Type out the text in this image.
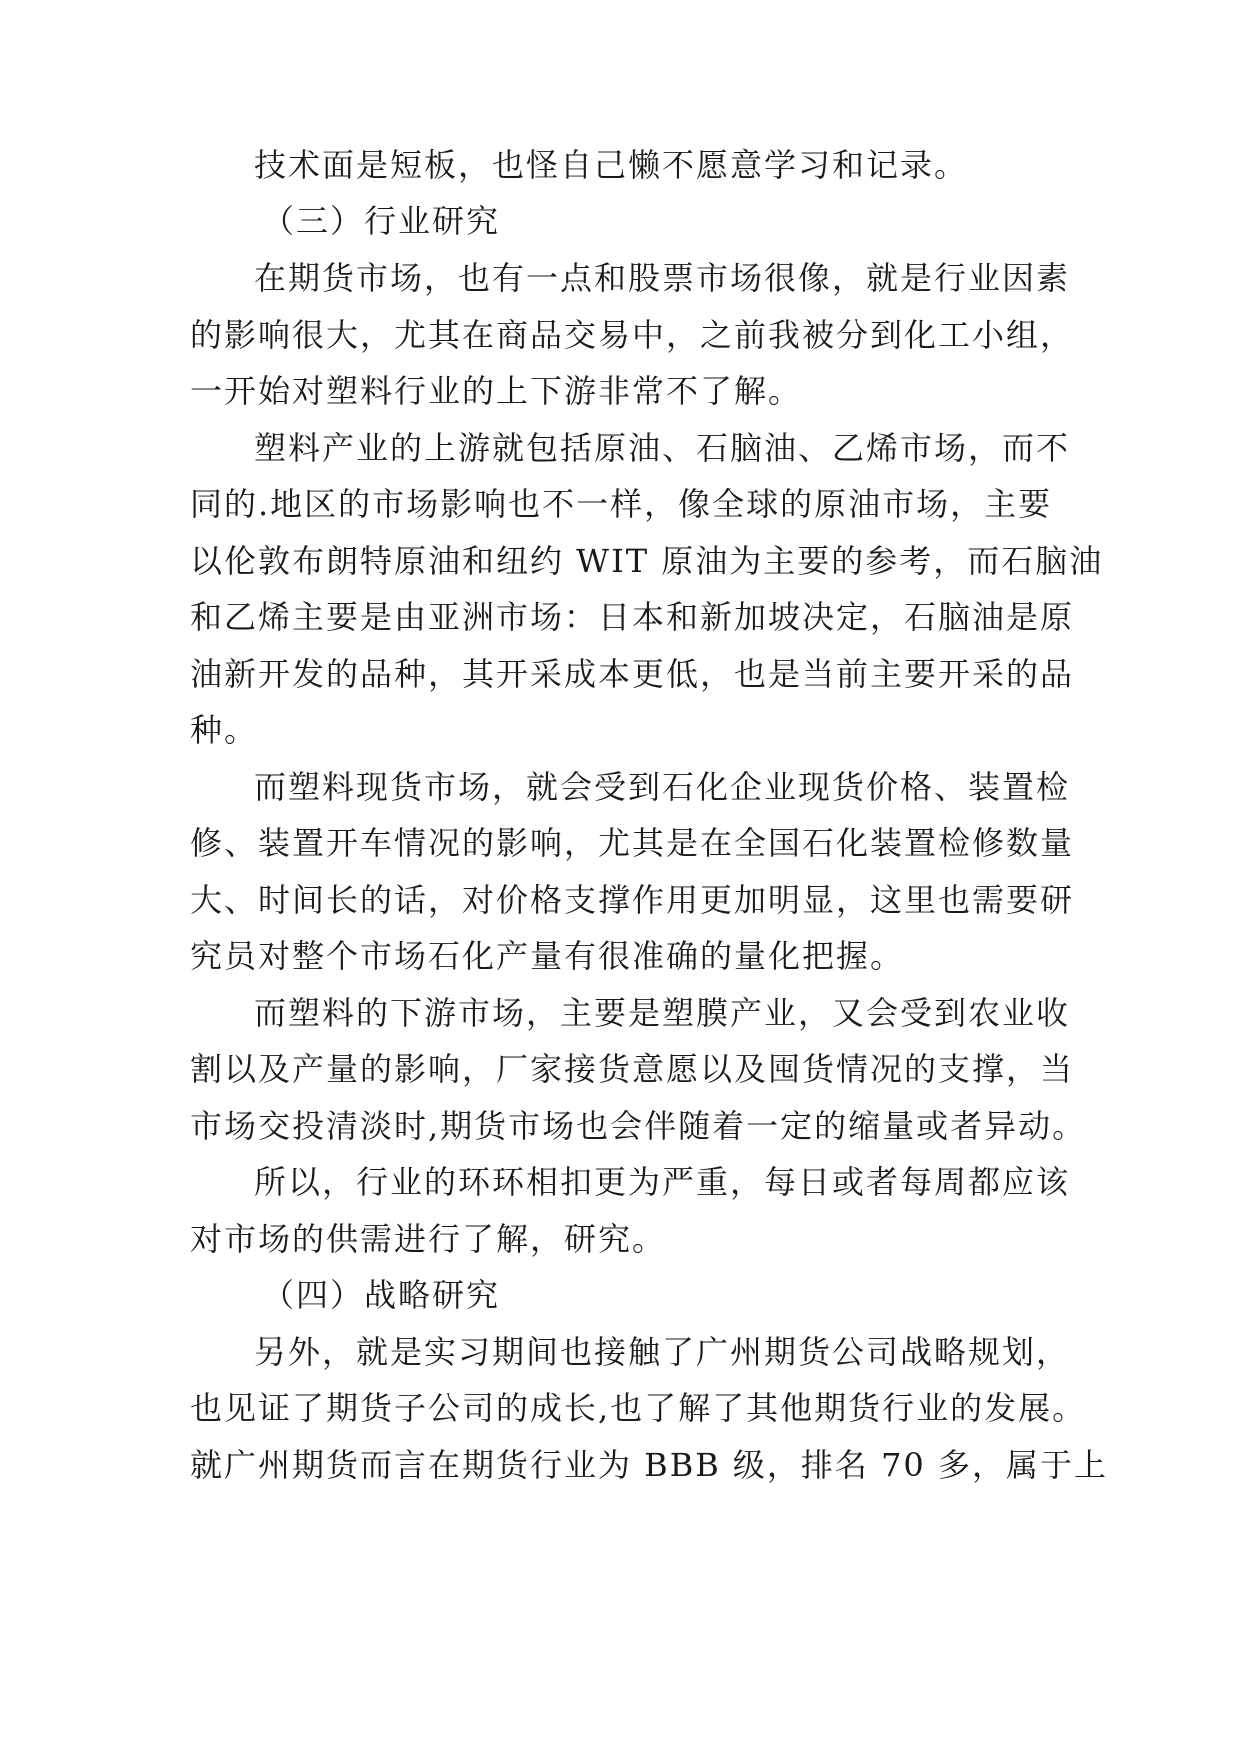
技术面是短板，也怪自己懒不愿意学习和记录。
（三）行业研究
在期货市场，也有一点和股票市场很像，就是行业因素
的影响很大，尤其在商品交易中，之前我被分到化工小组，
一开始对塑料行业的上下游非常不了解。
塑料产业的上游就包括原油、石脑油、乙烯市场，而不
同的.地区的市场影响也不一样，像全球的原油市场，主要
以伦敦布朗特原油和纽约 WIT 原油为主要的参考，而石脑油
和乙烯主要是由亚洲市场：日本和新加坡决定，石脑油是原
油新开发的品种，其开采成本更低，也是当前主要开采的品
种。
而塑料现货市场，就会受到石化企业现货价格、装置检
修、装置开车情况的影响，尤其是在全国石化装置检修数量
大、时间长的话，对价格支撑作用更加明显，这里也需要研
究员对整个市场石化产量有很准确的量化把握。
而塑料的下游市场，主要是塑膜产业，又会受到农业收
割以及产量的影响，厂家接货意愿以及囤货情况的支撑，当
市场交投清淡时,期货市场也会伴随着一定的缩量或者异动。
所以，行业的环环相扣更为严重，每日或者每周都应该
对市场的供需进行了解，研究。
（四）战略研究
另外，就是实习期间也接触了广州期货公司战略规划，
也见证了期货子公司的成长,也了解了其他期货行业的发展。
就广州期货而言在期货行业为 BBB 级，排名 70 多，属于上
